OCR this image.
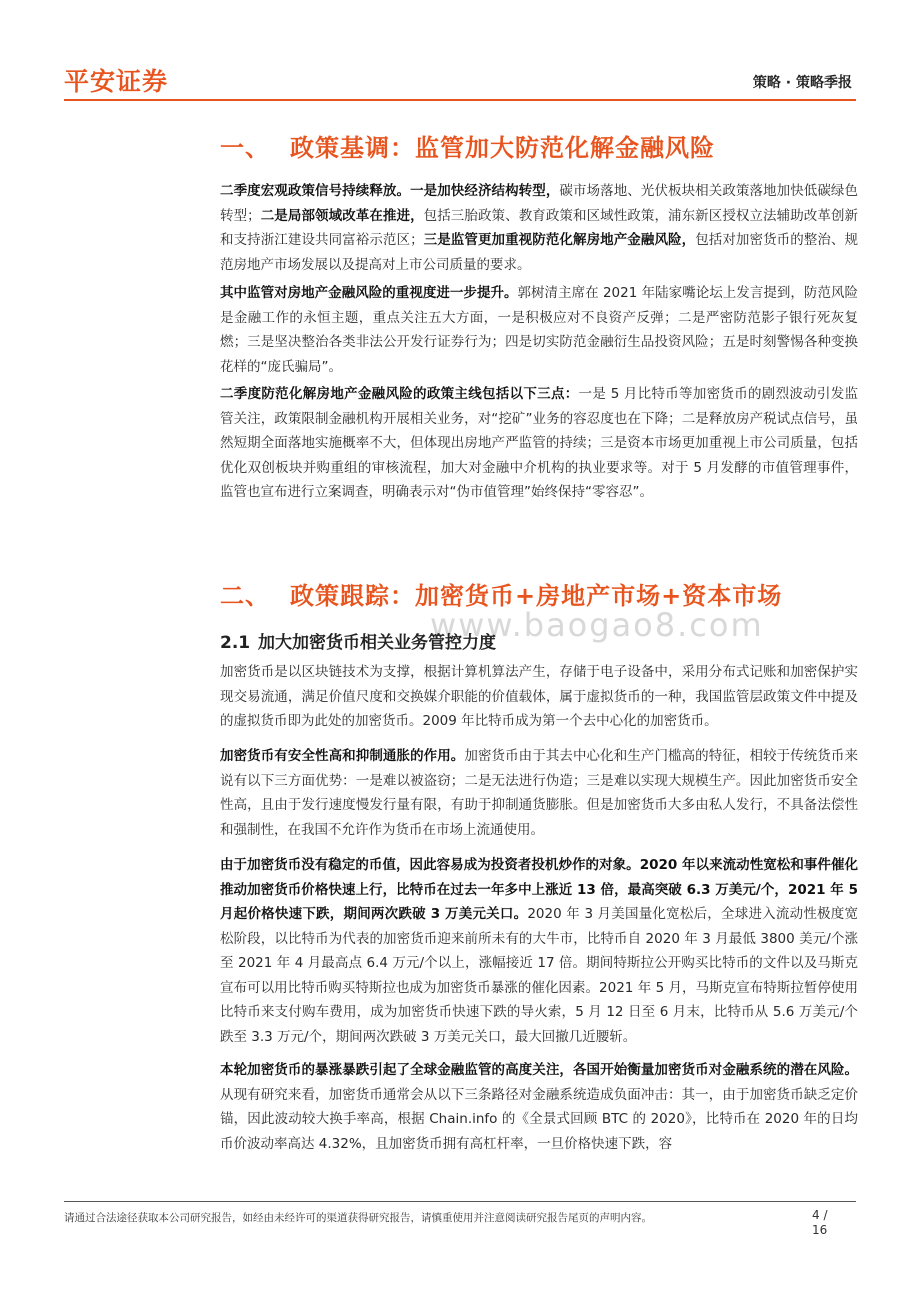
平安证券	策略 · 策略季报
一、 政策基调：监管加大防范化解金融风险
二季度宏观政策信号持续释放。一是加快经济结构转型，碳市场落地、光伏板块相关政策落地加快低碳绿色转型；二是局部领域改革在推进，包括三胎政策、教育政策和区域性政策，浦东新区授权立法辅助改革创新和支持浙江建设共同富裕示范区；三是监管更加重视防范化解房地产金融风险，包括对加密货币的整治、规范房地产市场发展以及提高对上市公司质量的要求。
其中监管对房地产金融风险的重视度进一步提升。郭树清主席在 2021 年陆家嘴论坛上发言提到，防范风险是金融工作的永恒主题，重点关注五大方面，一是积极应对不良资产反弹；二是严密防范影子银行死灰复燃；三是坚决整治各类非法公开发行证券行为；四是切实防范金融衍生品投资风险；五是时刻警惕各种变换花样的“庞氏骗局”。
二季度防范化解房地产金融风险的政策主线包括以下三点：一是 5 月比特币等加密货币的剧烈波动引发监管关注，政策限制金融机构开展相关业务，对“挖矿”业务的容忍度也在下降；二是释放房产税试点信号，虽然短期全面落地实施概率不大，但体现出房地产严监管的持续；三是资本市场更加重视上市公司质量，包括优化双创板块并购重组的审核流程，加大对金融中介机构的执业要求等。对于 5 月发酵的市值管理事件，监管也宣布进行立案调查，明确表示对“伪市值管理”始终保持“零容忍”。
二、 政策跟踪：加密货币+房地产市场+资本市场
www.baogao8.com
2.1 加大加密货币相关业务管控力度
加密货币是以区块链技术为支撑，根据计算机算法产生，存储于电子设备中，采用分布式记账和加密保护实现交易流通，满足价值尺度和交换媒介职能的价值载体，属于虚拟货币的一种，我国监管层政策文件中提及的虚拟货币即为此处的加密货币。2009 年比特币成为第一个去中心化的加密货币。
加密货币有安全性高和抑制通胀的作用。加密货币由于其去中心化和生产门槛高的特征，相较于传统货币来说有以下三方面优势：一是难以被盗窃；二是无法进行伪造；三是难以实现大规模生产。因此加密货币安全性高，且由于发行速度慢发行量有限，有助于抑制通货膨胀。但是加密货币大多由私人发行，不具备法偿性和强制性，在我国不允许作为货币在市场上流通使用。
由于加密货币没有稳定的币值，因此容易成为投资者投机炒作的对象。2020 年以来流动性宽松和事件催化推动加密货币价格快速上行，比特币在过去一年多中上涨近 13 倍，最高突破 6.3 万美元/个，2021 年 5 月起价格快速下跌，期间两次跌破 3 万美元关口。2020 年 3 月美国量化宽松后，全球进入流动性极度宽松阶段，以比特币为代表的加密货币迎来前所未有的大牛市，比特币自 2020 年 3 月最低 3800 美元/个涨至 2021 年 4 月最高点 6.4 万元/个以上，涨幅接近 17 倍。期间特斯拉公开购买比特币的文件以及马斯克宣布可以用比特币购买特斯拉也成为加密货币暴涨的催化因素。2021 年 5 月，马斯克宣布特斯拉暂停使用比特币来支付购车费用，成为加密货币快速下跌的导火索，5 月 12 日至 6 月末，比特币从 5.6 万美元/个跌至 3.3 万元/个，期间两次跌破 3 万美元关口，最大回撤几近腰斩。
本轮加密货币的暴涨暴跌引起了全球金融监管的高度关注，各国开始衡量加密货币对金融系统的潜在风险。从现有研究来看，加密货币通常会从以下三条路径对金融系统造成负面冲击：其一，由于加密货币缺乏定价锚，因此波动较大换手率高，根据 Chain.info 的《全景式回顾 BTC 的 2020》，比特币在 2020 年的日均币价波动率高达 4.32%，且加密货币拥有高杠杆率，一旦价格快速下跌，容
请通过合法途径获取本公司研究报告，如经由未经许可的渠道获得研究报告，请慎重使用并注意阅读研究报告尾页的声明内容。	4 / 16
